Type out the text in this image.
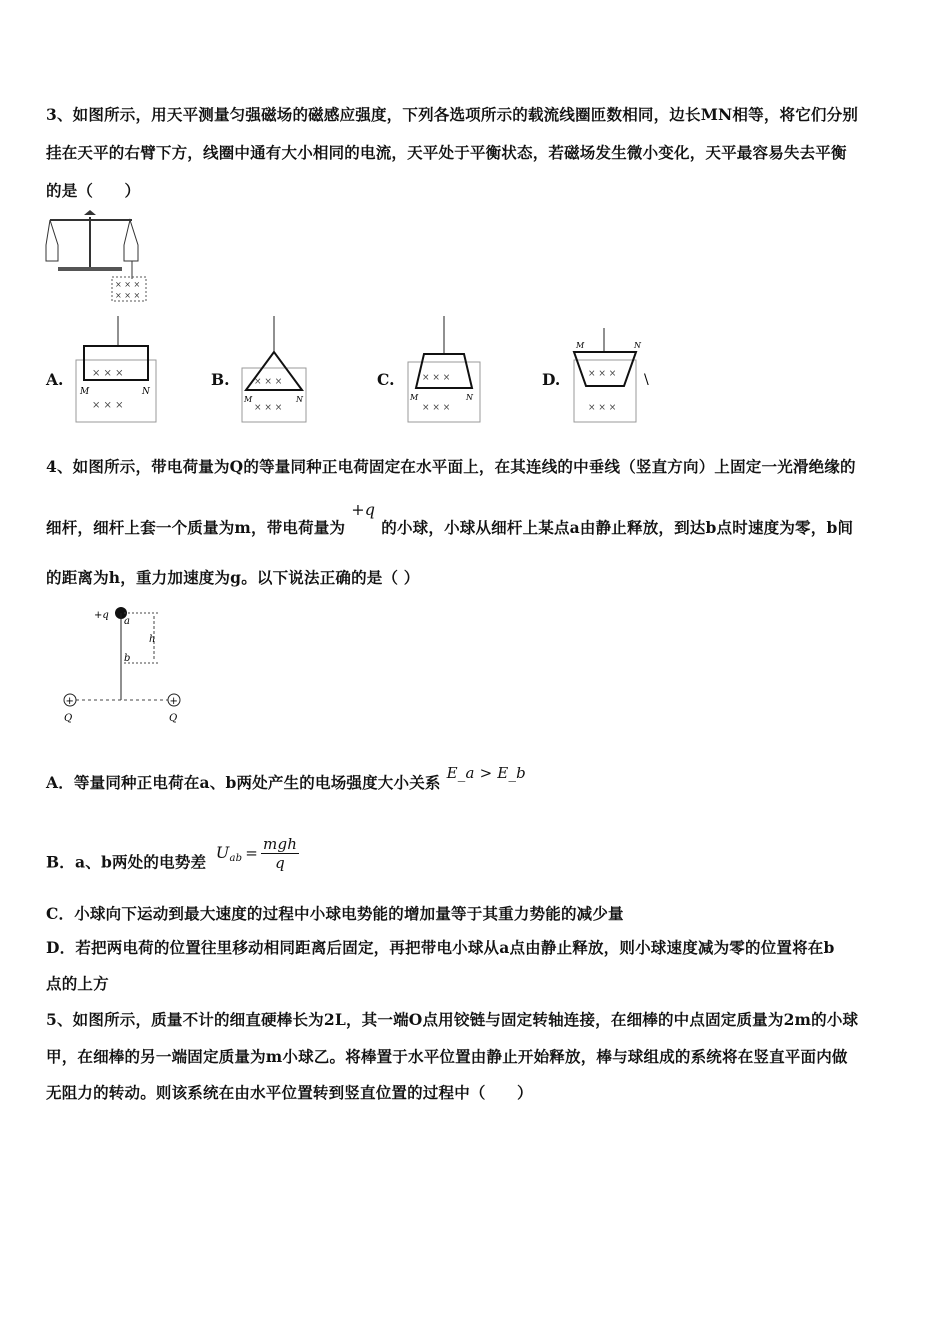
3、如图所示，用天平测量匀强磁场的磁感应强度，下列各选项所示的载流线圈匝数相同，边长MN相等，将它们分别
挂在天平的右臂下方，线圈中通有大小相同的电流，天平处于平衡状态，若磁场发生微小变化，天平最容易失去平衡
的是（　　）
× × ×
× × ×
A.	× × ×
× × ×
M	N
B.	× × ×
× × ×
M	N
C.	× × ×
× × ×
M	N
D.
M	N
× × ×
× × ×
\
4、如图所示，带电荷量为Q的等量同种正电荷固定在水平面上，在其连线的中垂线（竖直方向）上固定一光滑绝缘的
细杆，细杆上套一个质量为m，带电荷量为+q的小球，小球从细杆上某点a由静止释放，到达b点时速度为零，b间
的距离为h，重力加速度为g。以下说法正确的是（ ）
+q
a
b
h
+	+
Q	Q
A．等量同种正电荷在a、b两处产生的电场强度大小关系 E_a > E_b
B．a、b两处的电势差 $U^{ab}$ = mgh
q
C．小球向下运动到最大速度的过程中小球电势能的增加量等于其重力势能的减少量
D．若把两电荷的位置往里移动相同距离后固定，再把带电小球从a点由静止释放，则小球速度减为零的位置将在b
点的上方
5、如图所示，质量不计的细直硬棒长为2L，其一端O点用铰链与固定转轴连接，在细棒的中点固定质量为2m的小球
甲，在细棒的另一端固定质量为m小球乙。将棒置于水平位置由静止开始释放，棒与球组成的系统将在竖直平面内做
无阻力的转动。则该系统在由水平位置转到竖直位置的过程中（　　）
